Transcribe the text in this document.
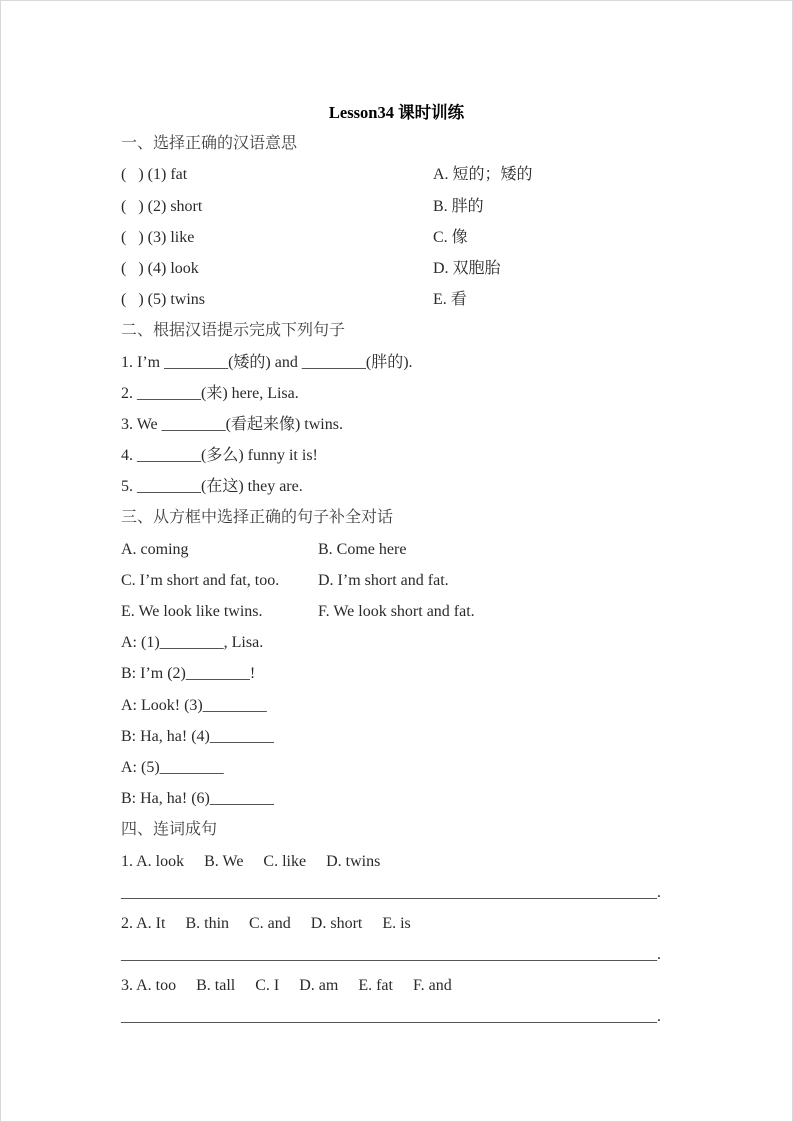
Lesson34 课时训练

一、选择正确的汉语意思

(   ) (1) fat	A. 短的；矮的
(   ) (2) short	B. 胖的
(   ) (3) like	C. 像
(   ) (4) look	D. 双胞胎
(   ) (5) twins	E. 看

二、根据汉语提示完成下列句子

1. I’m ________(矮的) and ________(胖的).

2. ________(来) here, Lisa.

3. We ________(看起来像) twins.

4. ________(多么) funny it is!

5. ________(在这) they are.

三、从方框中选择正确的句子补全对话

A. coming	B. Come here
C. I’m short and fat, too.	D. I’m short and fat.
E. We look like twins.	F. We look short and fat.

A: (1)________, Lisa.

B: I’m (2)________!

A: Look! (3)________

B: Ha, ha! (4)________

A: (5)________

B: Ha, ha! (6)________

四、连词成句

1. A. look     B. We     C. like     D. twins

___________________________________________________________________.

2. A. It     B. thin     C. and     D. short     E. is

___________________________________________________________________.

3. A. too     B. tall     C. I     D. am     E. fat     F. and

___________________________________________________________________.
